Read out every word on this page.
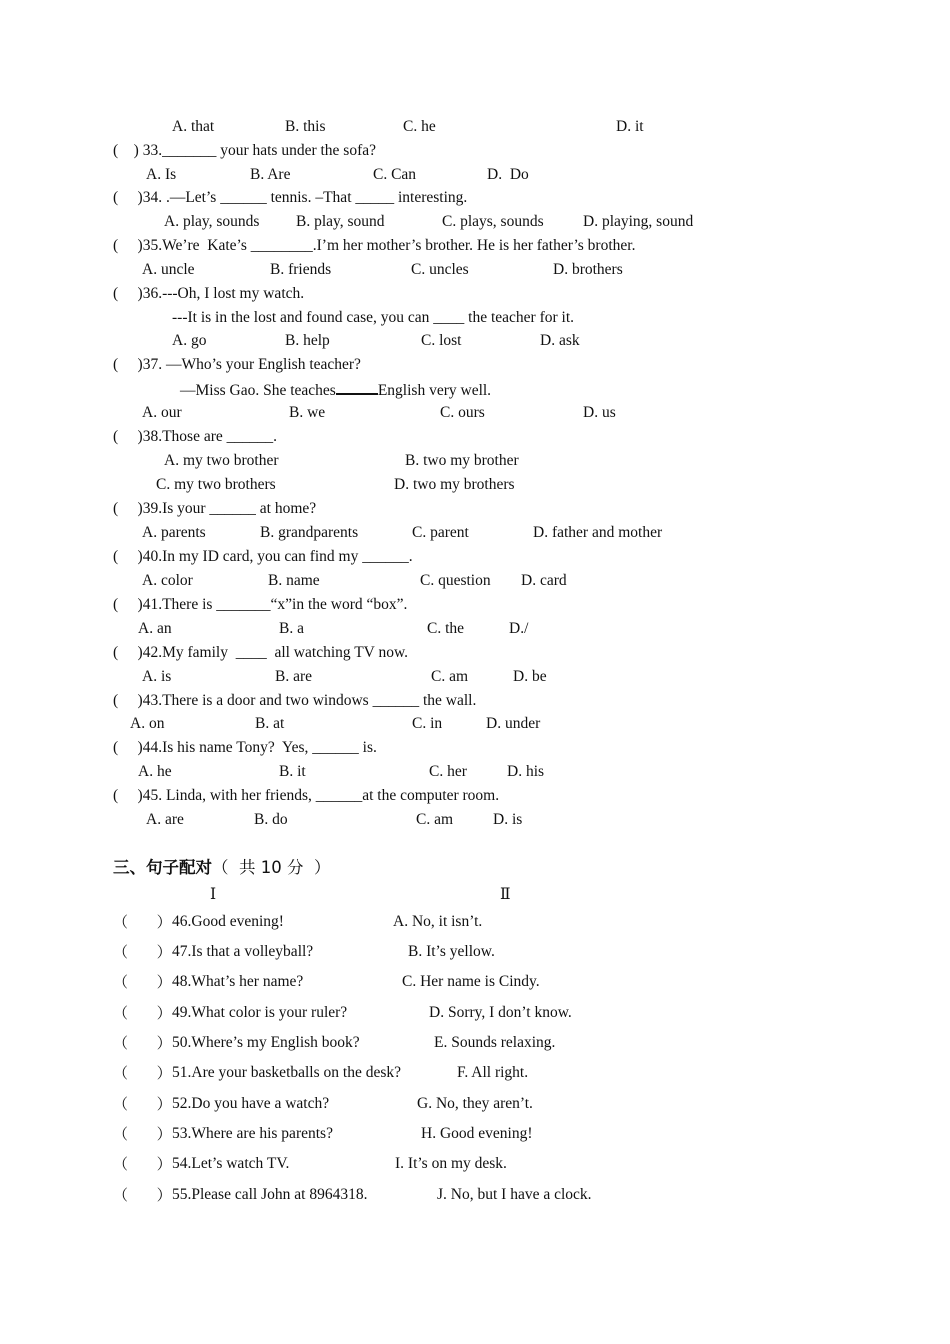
A. that	B. this	C. he	D. it
(    ) 33._______ your hats under the sofa?
A. Is	B. Are	C. Can	D.  Do
(     )34. .—Let’s ______ tennis. –That _____ interesting.
A. play, sounds B. play, sound	C. plays, sounds	D. playing, sound
(     )35.We’re  Kate’s ________.I’m her mother’s brother. He is her father’s brother.
A. uncle	B. friends	C. uncles	D. brothers
(     )36.---Oh, I lost my watch.
---It is in the lost and found case, you can ____ the teacher for it.
A. go	B. help	C. lost	D. ask
(     )37. —Who’s your English teacher?
—Miss Gao. She teaches	English very well.
A. our	B. we	C. ours	D. us
(     )38.Those are ______.
A. my two brother	B. two my brother
C. my two brothers	D. two my brothers
(     )39.Is your ______ at home?
A. parents	B. grandparents	C. parent	D. father and mother
(     )40.In my ID card, you can find my ______.
A. color	B. name	C. question D. card
(     )41.There is _______“x”in the word “box”.
A. an	B. a	C. the	D./
(     )42.My family  ____  all watching TV now.
A. is	B. are	C. am	D. be
(     )43.There is a door and two windows ______ the wall.
A. on	B. at	C. in	D. under
(     )44.Is his name Tony?  Yes, ______ is.
A. he	B. it	C. her	D. his
(     )45. Linda, with her friends, ______at the computer room.
A. are	B. do	C. am	D. is
三、句子配对（  共 10 分  ）
Ⅰ	Ⅱ
（      ） 46.Good evening!	A. No, it isn’t.
（      ） 47.Is that a volleyball?	B. It’s yellow.
（      ） 48.What’s her name?	C. Her name is Cindy.
（      ） 49.What color is your ruler?	D. Sorry, I don’t know.
（      ） 50.Where’s my English book?	E. Sounds relaxing.
（      ） 51.Are your basketballs on the desk?	F. All right.
（      ） 52.Do you have a watch?	G. No, they aren’t.
（      ） 53.Where are his parents?	H. Good evening!
（      ） 54.Let’s watch TV.	I. It’s on my desk.
（      ） 55.Please call John at 8964318.	J. No, but I have a clock.
